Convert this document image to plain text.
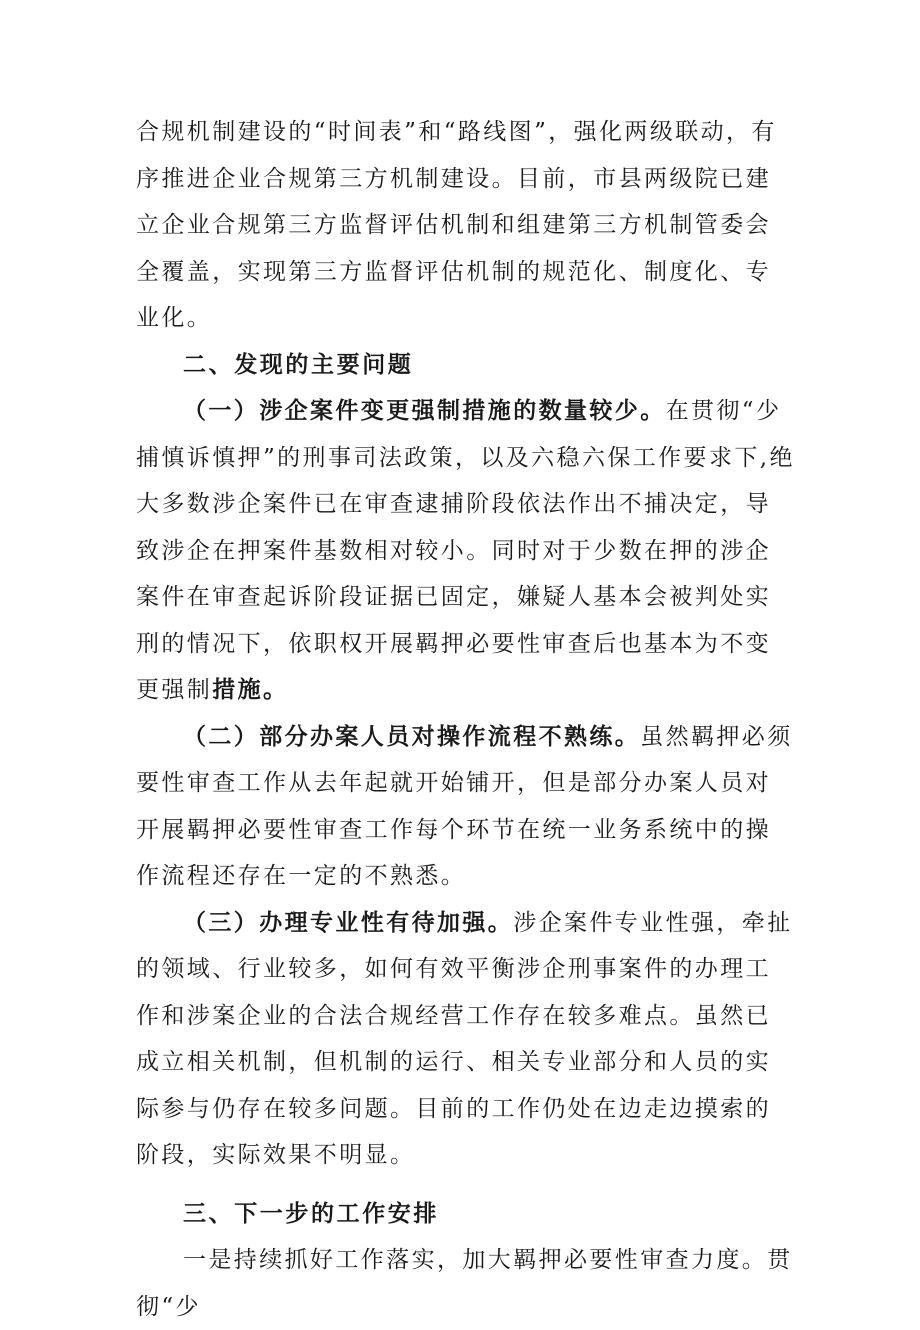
合规机制建设的“时间表”和“路线图”，强化两级联动，有序推进企业合规第三方机制建设。目前，市县两级院已建立企业合规第三方监督评估机制和组建第三方机制管委会全覆盖，实现第三方监督评估机制的规范化、制度化、专业化。

二、发现的主要问题

（一）涉企案件变更强制措施的数量较少。在贯彻“少捕慎诉慎押”的刑事司法政策，以及六稳六保工作要求下,绝大多数涉企案件已在审查逮捕阶段依法作出不捕决定，导致涉企在押案件基数相对较小。同时对于少数在押的涉企案件在审查起诉阶段证据已固定，嫌疑人基本会被判处实刑的情况下，依职权开展羁押必要性审查后也基本为不变更强制措施。

（二）部分办案人员对操作流程不熟练。虽然羁押必须要性审查工作从去年起就开始铺开，但是部分办案人员对开展羁押必要性审查工作每个环节在统一业务系统中的操作流程还存在一定的不熟悉。

（三）办理专业性有待加强。涉企案件专业性强，牵扯的领域、行业较多，如何有效平衡涉企刑事案件的办理工作和涉案企业的合法合规经营工作存在较多难点。虽然已成立相关机制，但机制的运行、相关专业部分和人员的实际参与仍存在较多问题。目前的工作仍处在边走边摸索的阶段，实际效果不明显。

三、下一步的工作安排

一是持续抓好工作落实，加大羁押必要性审查力度。贯彻“少
